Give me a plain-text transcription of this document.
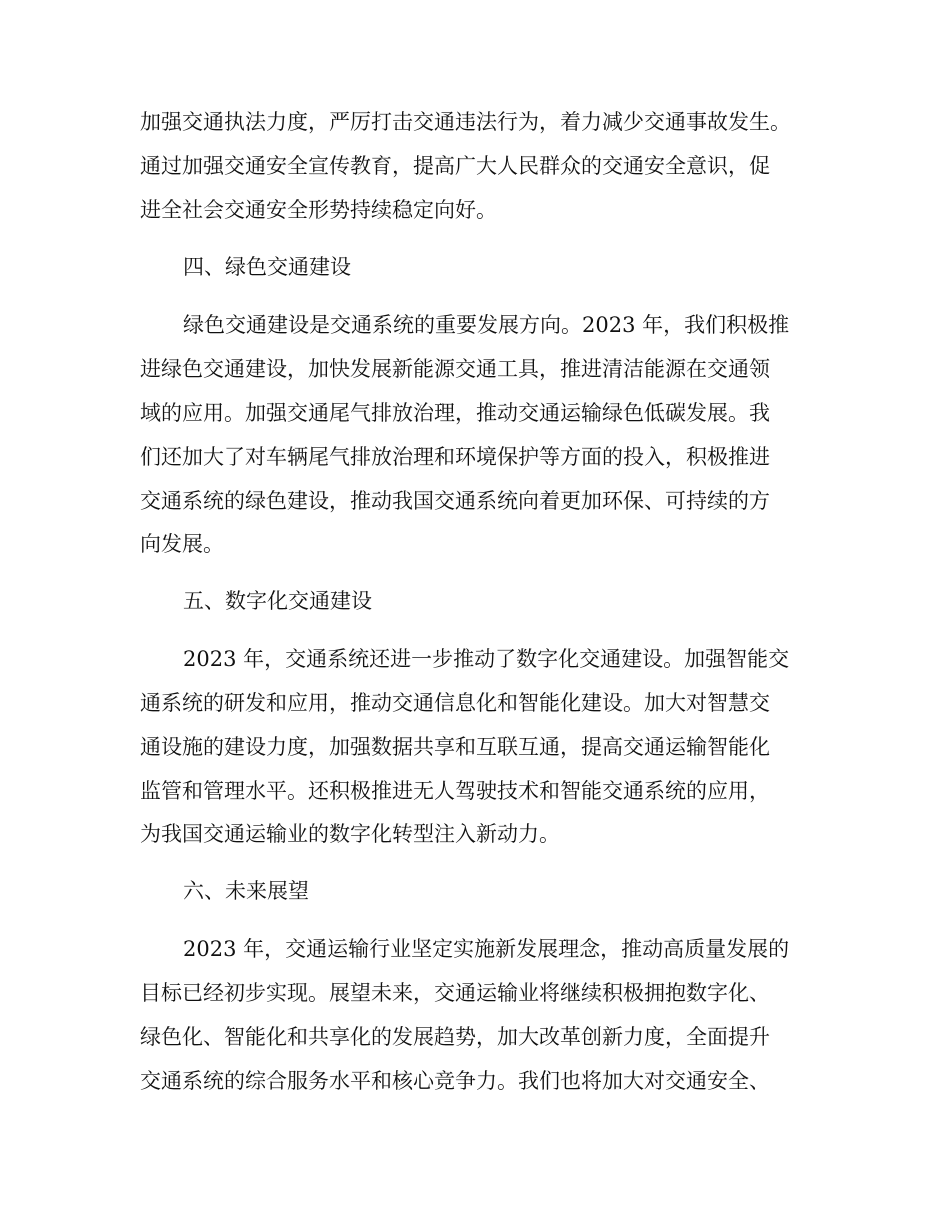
加强交通执法力度，严厉打击交通违法行为，着力减少交通事故发生。
通过加强交通安全宣传教育，提高广大人民群众的交通安全意识，促
进全社会交通安全形势持续稳定向好。
四、绿色交通建设
绿色交通建设是交通系统的重要发展方向。2023 年，我们积极推
进绿色交通建设，加快发展新能源交通工具，推进清洁能源在交通领
域的应用。加强交通尾气排放治理，推动交通运输绿色低碳发展。我
们还加大了对车辆尾气排放治理和环境保护等方面的投入，积极推进
交通系统的绿色建设，推动我国交通系统向着更加环保、可持续的方
向发展。
五、数字化交通建设
2023 年，交通系统还进一步推动了数字化交通建设。加强智能交
通系统的研发和应用，推动交通信息化和智能化建设。加大对智慧交
通设施的建设力度，加强数据共享和互联互通，提高交通运输智能化
监管和管理水平。还积极推进无人驾驶技术和智能交通系统的应用，
为我国交通运输业的数字化转型注入新动力。
六、未来展望
2023 年，交通运输行业坚定实施新发展理念，推动高质量发展的
目标已经初步实现。展望未来，交通运输业将继续积极拥抱数字化、
绿色化、智能化和共享化的发展趋势，加大改革创新力度，全面提升
交通系统的综合服务水平和核心竞争力。我们也将加大对交通安全、
